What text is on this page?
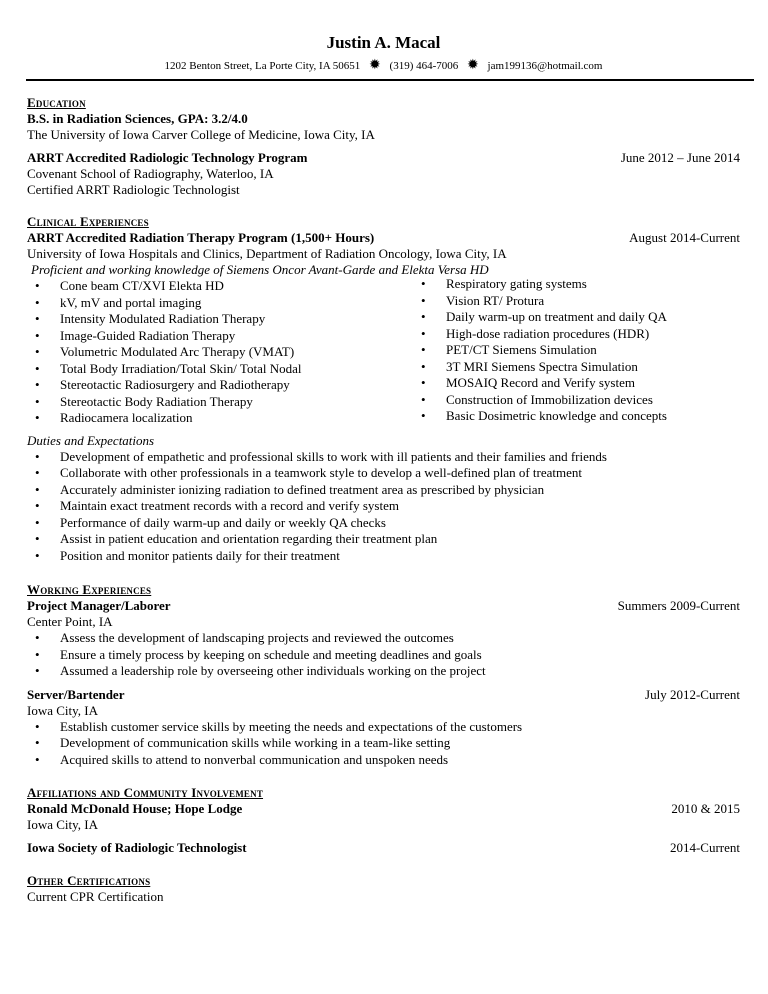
Justin A. Macal
1202 Benton Street, La Porte City, IA 50651 ✹ (319) 464-7006 ✹ jam199136@hotmail.com
Education
B.S. in Radiation Sciences, GPA: 3.2/4.0
The University of Iowa Carver College of Medicine, Iowa City, IA
ARRT Accredited Radiologic Technology Program	June 2012 – June 2014
Covenant School of Radiography, Waterloo, IA
Certified ARRT Radiologic Technologist
Clinical Experiences
ARRT Accredited Radiation Therapy Program (1,500+ Hours)	August 2014-Current
University of Iowa Hospitals and Clinics, Department of Radiation Oncology, Iowa City, IA
Proficient and working knowledge of Siemens Oncor Avant-Garde and Elekta Versa HD
• Cone beam CT/XVI Elekta HD
• kV, mV and portal imaging
• Intensity Modulated Radiation Therapy
• Image-Guided Radiation Therapy
• Volumetric Modulated Arc Therapy (VMAT)
• Total Body Irradiation/Total Skin/ Total Nodal
• Stereotactic Radiosurgery and Radiotherapy
• Stereotactic Body Radiation Therapy
• Radiocamera localization
• Respiratory gating systems
• Vision RT/ Protura
• Daily warm-up on treatment and daily QA
• High-dose radiation procedures (HDR)
• PET/CT Siemens Simulation
• 3T MRI Siemens Spectra Simulation
• MOSAIQ Record and Verify system
• Construction of Immobilization devices
• Basic Dosimetric knowledge and concepts
Duties and Expectations
• Development of empathetic and professional skills to work with ill patients and their families and friends
• Collaborate with other professionals in a teamwork style to develop a well-defined plan of treatment
• Accurately administer ionizing radiation to defined treatment area as prescribed by physician
• Maintain exact treatment records with a record and verify system
• Performance of daily warm-up and daily or weekly QA checks
• Assist in patient education and orientation regarding their treatment plan
• Position and monitor patients daily for their treatment
Working Experiences
Project Manager/Laborer	Summers 2009-Current
Center Point, IA
• Assess the development of landscaping projects and reviewed the outcomes
• Ensure a timely process by keeping on schedule and meeting deadlines and goals
• Assumed a leadership role by overseeing other individuals working on the project
Server/Bartender	July 2012-Current
Iowa City, IA
• Establish customer service skills by meeting the needs and expectations of the customers
• Development of communication skills while working in a team-like setting
• Acquired skills to attend to nonverbal communication and unspoken needs
Affiliations and Community Involvement
Ronald McDonald House; Hope Lodge	2010 & 2015
Iowa City, IA
Iowa Society of Radiologic Technologist	2014-Current
Other Certifications
Current CPR Certification
